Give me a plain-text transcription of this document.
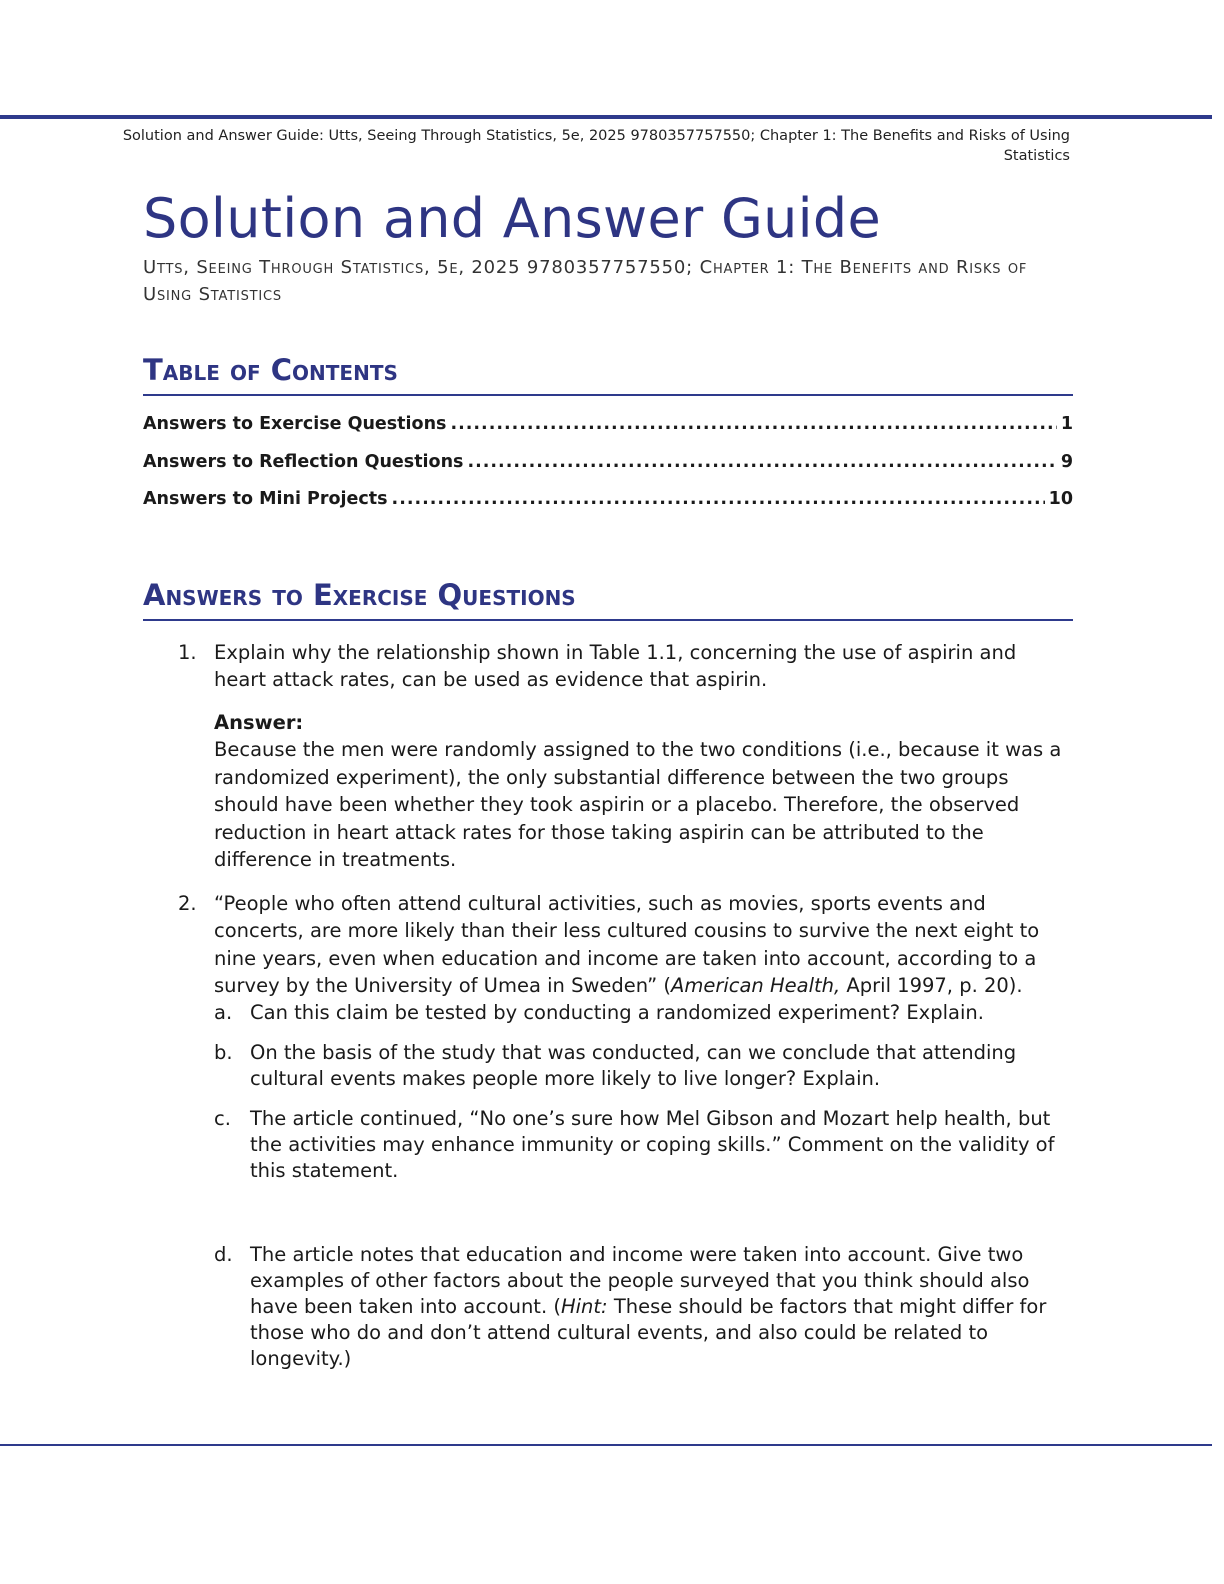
Solution and Answer Guide: Utts, Seeing Through Statistics, 5e, 2025 9780357757550; Chapter 1: The Benefits and Risks of Using Statistics
Solution and Answer Guide
Utts, Seeing Through Statistics, 5e, 2025 9780357757550; Chapter 1: The Benefits and Risks of Using Statistics
Table of Contents
Answers to Exercise Questions .....	1
Answers to Reflection Questions .....	9
Answers to Mini Projects .....	10
Answers to Exercise Questions
1. Explain why the relationship shown in Table 1.1, concerning the use of aspirin and heart attack rates, can be used as evidence that aspirin.
Answer:
Because the men were randomly assigned to the two conditions (i.e., because it was a randomized experiment), the only substantial difference between the two groups should have been whether they took aspirin or a placebo. Therefore, the observed reduction in heart attack rates for those taking aspirin can be attributed to the difference in treatments.
2. “People who often attend cultural activities, such as movies, sports events and concerts, are more likely than their less cultured cousins to survive the next eight to nine years, even when education and income are taken into account, according to a survey by the University of Umea in Sweden” (American Health, April 1997, p. 20).
a. Can this claim be tested by conducting a randomized experiment? Explain.
b. On the basis of the study that was conducted, can we conclude that attending cultural events makes people more likely to live longer? Explain.
c. The article continued, “No one’s sure how Mel Gibson and Mozart help health, but the activities may enhance immunity or coping skills.” Comment on the validity of this statement.
d. The article notes that education and income were taken into account. Give two examples of other factors about the people surveyed that you think should also have been taken into account. (Hint: These should be factors that might differ for those who do and don’t attend cultural events, and also could be related to longevity.)
